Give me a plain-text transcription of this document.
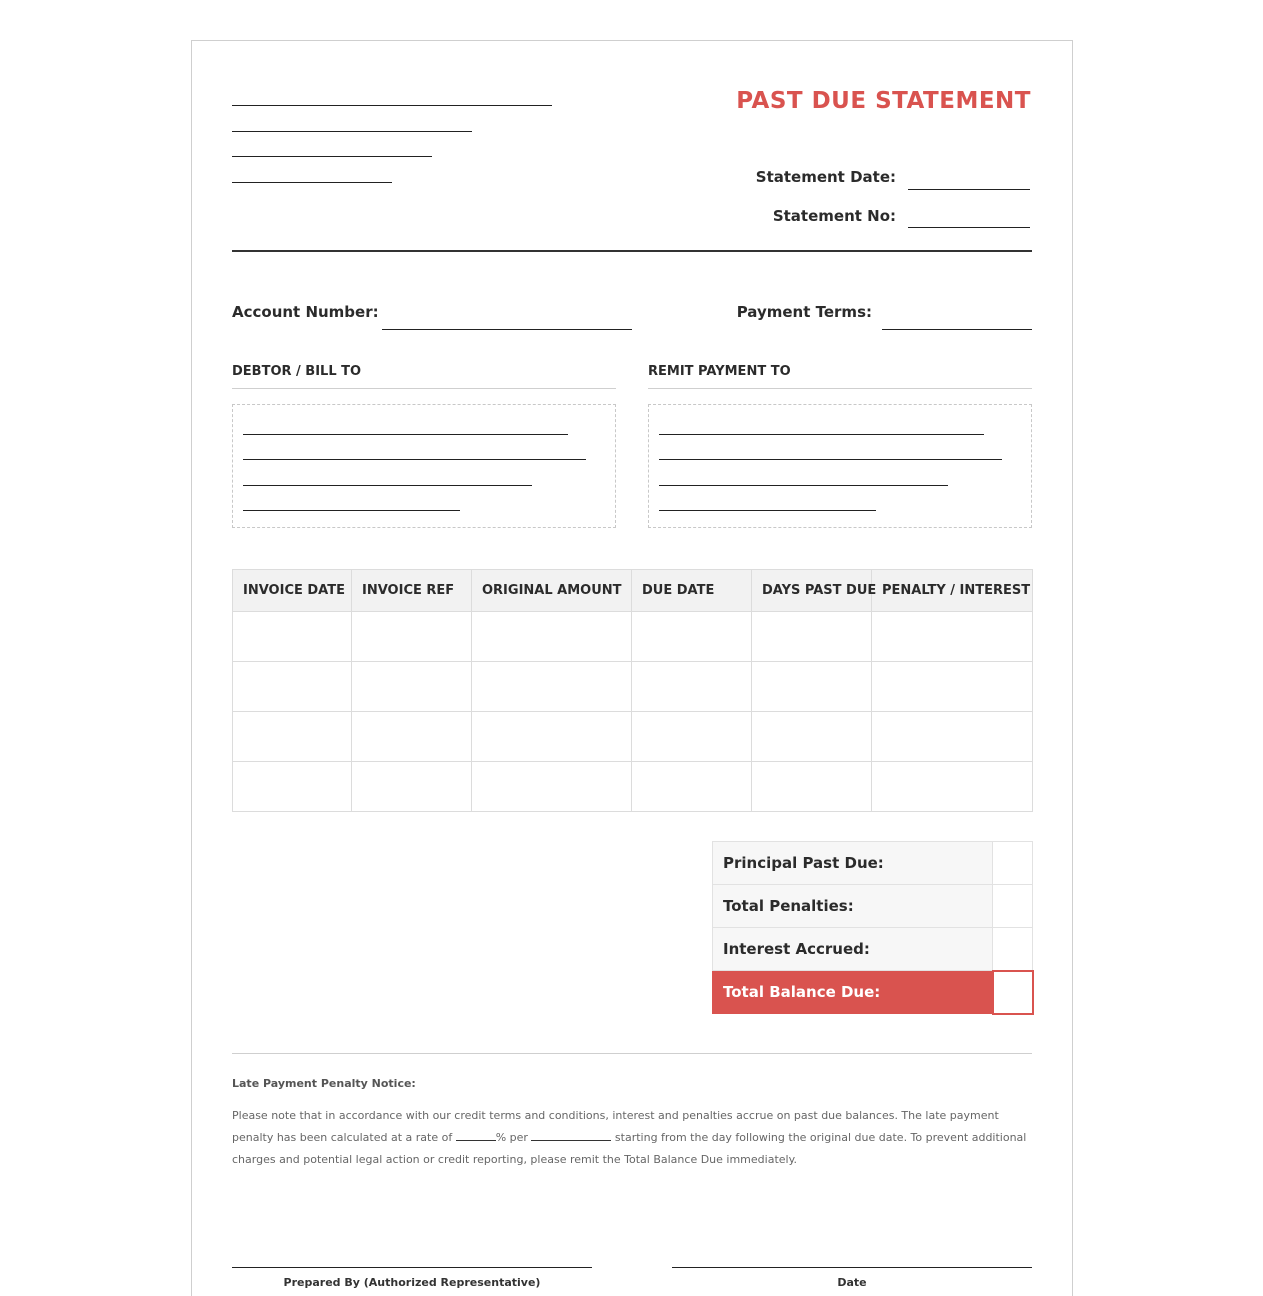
PAST DUE STATEMENT
Statement Date:
Statement No:
Account Number:	Payment Terms:
DEBTOR / BILL TO	REMIT PAYMENT TO
INVOICE DATE	INVOICE REF	ORIGINAL AMOUNT	DUE DATE	DAYS PAST DUE	PENALTY / INTEREST

Principal Past Due:	
Total Penalties:	
Interest Accrued:	
Total Balance Due:	
Late Payment Penalty Notice:
Please note that in accordance with our credit terms and conditions, interest and penalties accrue on past due balances. The late payment penalty has been calculated at a rate of	% per	starting from the day following the original due date. To prevent additional charges and potential legal action or credit reporting, please remit the Total Balance Due immediately.
Prepared By (Authorized Representative)	Date
